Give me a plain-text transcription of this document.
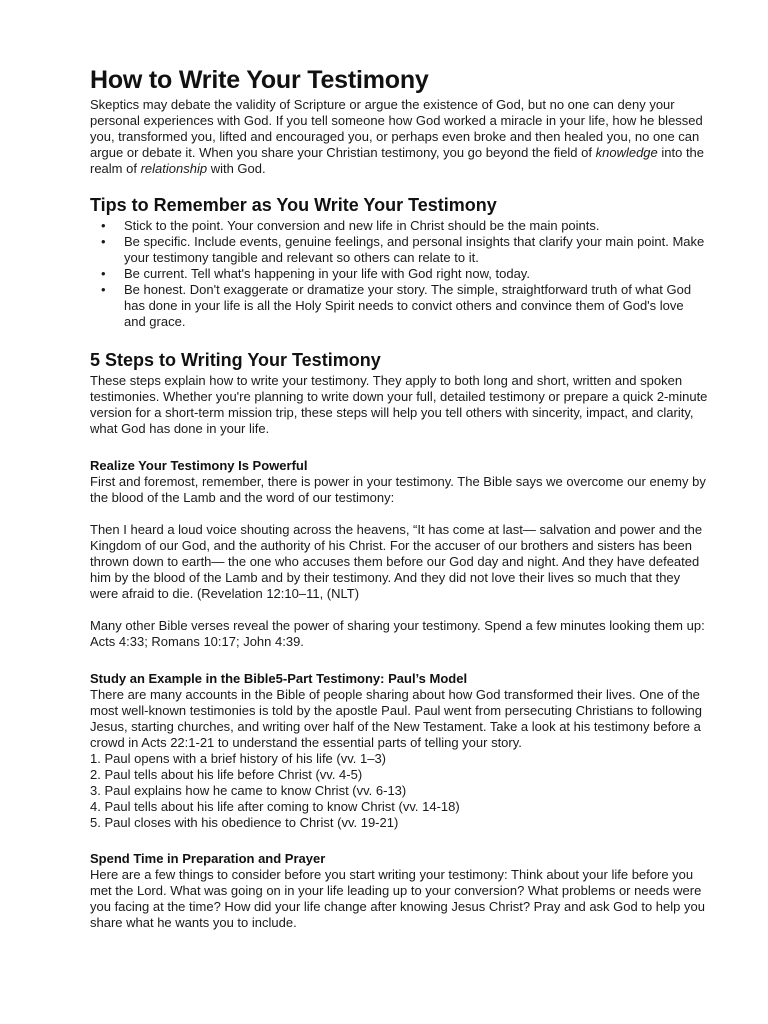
How to Write Your Testimony

Skeptics may debate the validity of Scripture or argue the existence of God, but no one can deny your personal experiences with God. If you tell someone how God worked a miracle in your life, how he blessed you, transformed you, lifted and encouraged you, or perhaps even broke and then healed you, no one can argue or debate it. When you share your Christian testimony, you go beyond the field of knowledge into the realm of relationship with God.

Tips to Remember as You Write Your Testimony
• Stick to the point. Your conversion and new life in Christ should be the main points.
• Be specific. Include events, genuine feelings, and personal insights that clarify your main point. Make your testimony tangible and relevant so others can relate to it.
• Be current. Tell what's happening in your life with God right now, today.
• Be honest. Don't exaggerate or dramatize your story. The simple, straightforward truth of what God has done in your life is all the Holy Spirit needs to convict others and convince them of God's love and grace.
5 Steps to Writing Your Testimony

These steps explain how to write your testimony. They apply to both long and short, written and spoken testimonies. Whether you're planning to write down your full, detailed testimony or prepare a quick 2-minute version for a short-term mission trip, these steps will help you tell others with sincerity, impact, and clarity, what God has done in your life.

Realize Your Testimony Is Powerful

First and foremost, remember, there is power in your testimony. The Bible says we overcome our enemy by the blood of the Lamb and the word of our testimony:

Then I heard a loud voice shouting across the heavens, “It has come at last— salvation and power and the Kingdom of our God, and the authority of his Christ. For the accuser of our brothers and sisters has been thrown down to earth— the one who accuses them before our God day and night. And they have defeated him by the blood of the Lamb and by their testimony. And they did not love their lives so much that they were afraid to die. (Revelation 12:10–11, (NLT)

Many other Bible verses reveal the power of sharing your testimony. Spend a few minutes looking them up: Acts 4:33; Romans 10:17; John 4:39.

Study an Example in the Bible5-Part Testimony: Paul’s Model

There are many accounts in the Bible of people sharing about how God transformed their lives. One of the most well-known testimonies is told by the apostle Paul. Paul went from persecuting Christians to following Jesus, starting churches, and writing over half of the New Testament. Take a look at his testimony before a crowd in Acts 22:1-21 to understand the essential parts of telling your story.

1. Paul opens with a brief history of his life (vv. 1–3)
2. Paul tells about his life before Christ (vv. 4-5)
3. Paul explains how he came to know Christ (vv. 6-13)
4. Paul tells about his life after coming to know Christ (vv. 14-18)
5. Paul closes with his obedience to Christ (vv. 19-21)
Spend Time in Preparation and Prayer

Here are a few things to consider before you start writing your testimony: Think about your life before you met the Lord. What was going on in your life leading up to your conversion? What problems or needs were you facing at the time? How did your life change after knowing Jesus Christ? Pray and ask God to help you share what he wants you to include.
